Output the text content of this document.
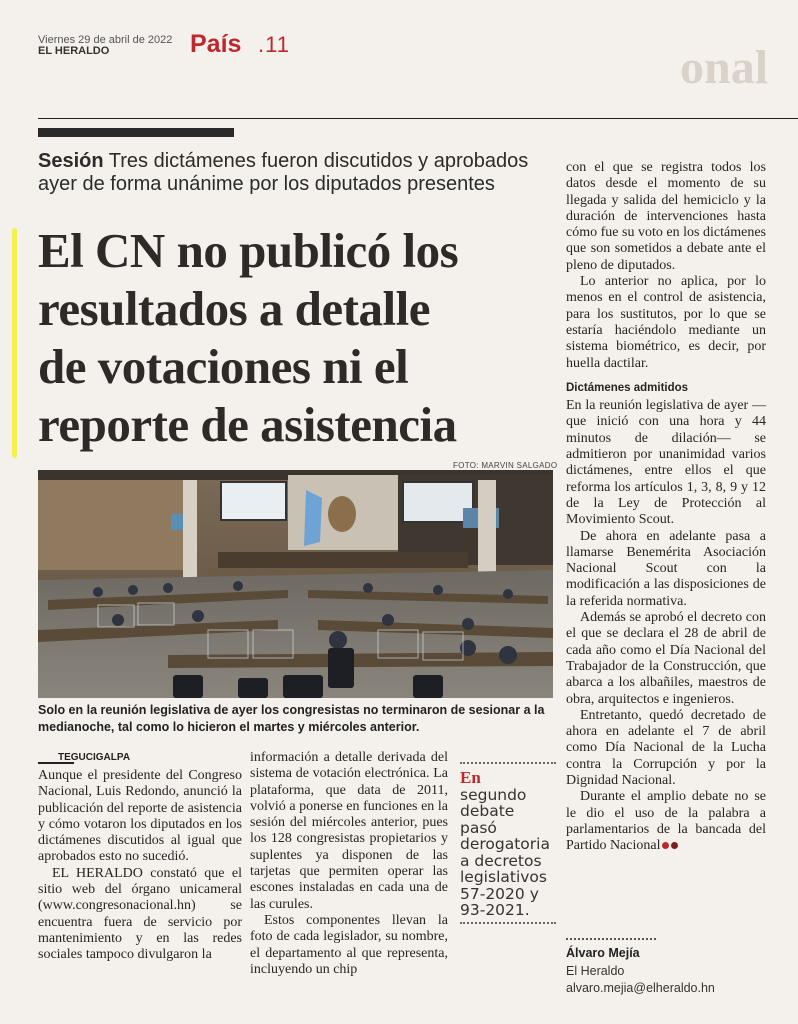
Viernes 29 de abril de 2022
EL HERALDO	País .11	onal
Sesión Tres dictámenes fueron discutidos y aprobados ayer de forma unánime por los diputados presentes
El CN no publicó los
resultados a detalle
de votaciones ni el
reporte de asistencia
FOTO: MARVIN SALGADO
Solo en la reunión legislativa de ayer los congresistas no terminaron de sesionar a la medianoche, tal como lo hicieron el martes y miércoles anterior.
TEGUCIGALPA

Aunque el presidente del Congreso Nacional, Luis Redondo, anunció la publicación del reporte de asistencia y cómo votaron los diputados en los dictámenes discutidos al igual que aprobados esto no sucedió.

EL HERALDO constató que el sitio web del órgano unicameral (www.congresonacional.hn) se encuentra fuera de servicio por mantenimiento y en las redes sociales tampoco divulgaron la

información a detalle derivada del sistema de votación electrónica. La plataforma, que data de 2011, volvió a ponerse en funciones en la sesión del miércoles anterior, pues los 128 congresistas propietarios y suplentes ya disponen de las tarjetas que permiten operar las escones instaladas en cada una de las curules.

Estos componentes llevan la foto de cada legislador, su nombre, el departamento al que representa, incluyendo un chip

En
segundo debate pasó derogatoria a decretos legislativos 57-2020 y 93-2021.

con el que se registra todos los datos desde el momento de su llegada y salida del hemiciclo y la duración de intervenciones hasta cómo fue su voto en los dictámenes que son sometidos a debate ante el pleno de diputados.

Lo anterior no aplica, por lo menos en el control de asistencia, para los sustitutos, por lo que se estaría haciéndolo mediante un sistema biométrico, es decir, por huella dactilar.

Dictámenes admitidos

En la reunión legislativa de ayer —que inició con una hora y 44 minutos de dilación— se admitieron por unanimidad varios dictámenes, entre ellos el que reforma los artículos 1, 3, 8, 9 y 12 de la Ley de Protección al Movimiento Scout.

De ahora en adelante pasa a llamarse Benemérita Asociación Nacional Scout con la modificación a las disposiciones de la referida normativa.

Además se aprobó el decreto con el que se declara el 28 de abril de cada año como el Día Nacional del Trabajador de la Construcción, que abarca a los albañiles, maestros de obra, arquitectos e ingenieros.

Entretanto, quedó decretado de ahora en adelante el 7 de abril como Día Nacional de la Lucha contra la Corrupción y por la Dignidad Nacional.

Durante el amplio debate no se le dio el uso de la palabra a parlamentarios de la bancada del Partido Nacional

Álvaro Mejía
El Heraldo
alvaro.mejia@elheraldo.hn
